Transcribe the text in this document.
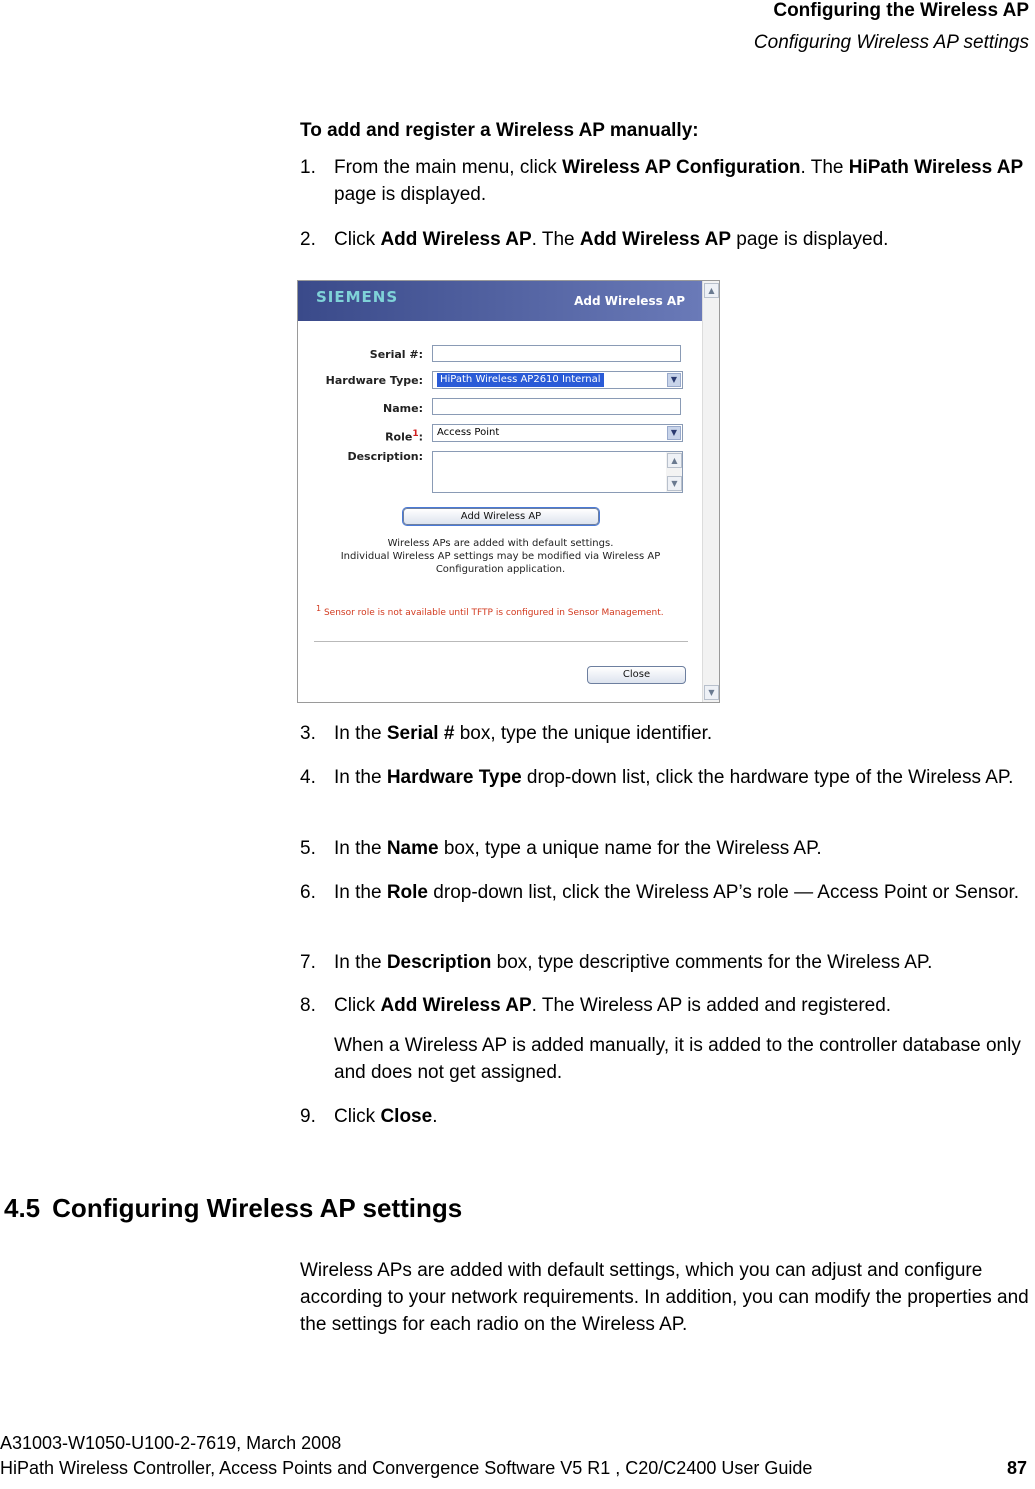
Configuring the Wireless AP
Configuring Wireless AP settings
To add and register a Wireless AP manually:
1. From the main menu, click Wireless AP Configuration. The HiPath Wireless AP page is displayed.
2. Click Add Wireless AP. The Add Wireless AP page is displayed.
SIEMENS	Add Wireless AP
▲
▼
Serial #:
Hardware Type:	HiPath Wireless AP2610 Internal	▼
Name:
Role$^1$:	Access Point	▼
Description:	▲
▼
Add Wireless AP
Wireless APs are added with default settings.
Individual Wireless AP settings may be modified via Wireless AP
Configuration application.
$^1$ Sensor role is not available until TFTP is configured in Sensor Management.
Close
3. In the Serial # box, type the unique identifier.
4. In the Hardware Type drop-down list, click the hardware type of the Wireless AP.
5. In the Name box, type a unique name for the Wireless AP.
6. In the Role drop-down list, click the Wireless AP’s role — Access Point or Sensor.
7. In the Description box, type descriptive comments for the Wireless AP.
8. Click Add Wireless AP. The Wireless AP is added and registered.
When a Wireless AP is added manually, it is added to the controller database only and does not get assigned.
9. Click Close.
4.5 Configuring Wireless AP settings
Wireless APs are added with default settings, which you can adjust and configure according to your network requirements. In addition, you can modify the properties and the settings for each radio on the Wireless AP.
A31003-W1050-U100-2-7619, March 2008
HiPath Wireless Controller, Access Points and Convergence Software V5 R1 , C20/C2400 User Guide	87
